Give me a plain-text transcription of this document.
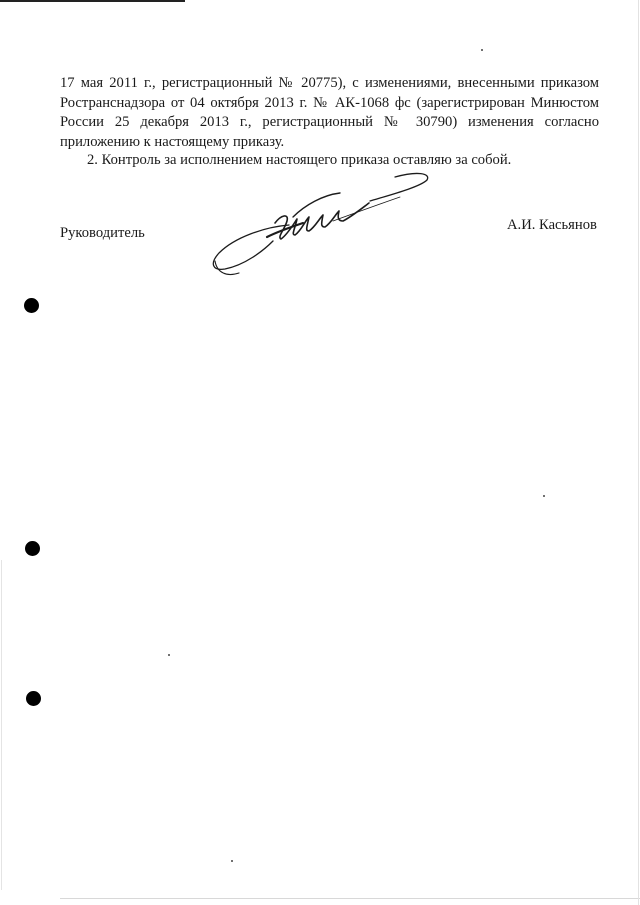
17 мая 2011 г., регистрационный № 20775), с изменениями, внесенными приказом Ространснадзора от 04 октября 2013 г. № АК-1068 фс (зарегистрирован Минюстом России 25 декабря 2013 г., регистрационный № 30790) изменения согласно приложению к настоящему приказу.

2. Контроль за исполнением настоящего приказа оставляю за собой.

Руководитель	А.И. Касьянов
